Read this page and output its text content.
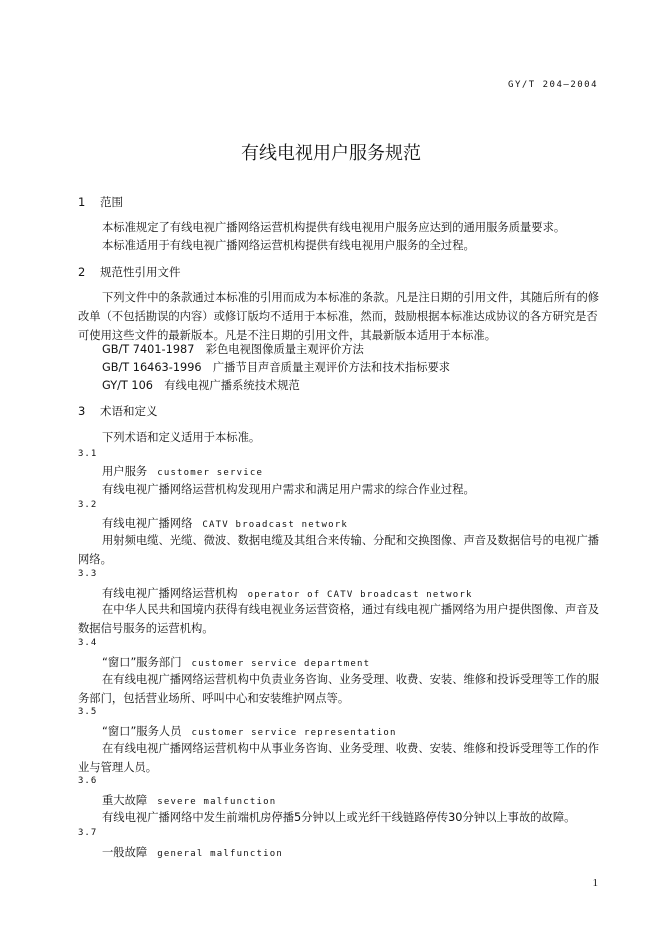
GY/T 204—2004
有线电视用户服务规范
1 范围
本标准规定了有线电视广播网络运营机构提供有线电视用户服务应达到的通用服务质量要求。
本标准适用于有线电视广播网络运营机构提供有线电视用户服务的全过程。
2 规范性引用文件
下列文件中的条款通过本标准的引用而成为本标准的条款。凡是注日期的引用文件，其随后所有的修改单（不包括勘误的内容）或修订版均不适用于本标准，然而，鼓励根据本标准达成协议的各方研究是否可使用这些文件的最新版本。凡是不注日期的引用文件，其最新版本适用于本标准。
GB/T 7401-1987　彩色电视图像质量主观评价方法
GB/T 16463-1996　广播节目声音质量主观评价方法和技术指标要求
GY/T 106　有线电视广播系统技术规范
3 术语和定义
下列术语和定义适用于本标准。
3.1
用户服务 customer service
有线电视广播网络运营机构发现用户需求和满足用户需求的综合作业过程。
3.2
有线电视广播网络 CATV broadcast network
用射频电缆、光缆、微波、数据电缆及其组合来传输、分配和交换图像、声音及数据信号的电视广播网络。
3.3
有线电视广播网络运营机构 operator of CATV broadcast network
在中华人民共和国境内获得有线电视业务运营资格，通过有线电视广播网络为用户提供图像、声音及数据信号服务的运营机构。
3.4
“窗口”服务部门 customer service department
在有线电视广播网络运营机构中负责业务咨询、业务受理、收费、安装、维修和投诉受理等工作的服务部门，包括营业场所、呼叫中心和安装维护网点等。
3.5
“窗口”服务人员 customer service representation
在有线电视广播网络运营机构中从事业务咨询、业务受理、收费、安装、维修和投诉受理等工作的作业与管理人员。
3.6
重大故障 severe malfunction
有线电视广播网络中发生前端机房停播5分钟以上或光纤干线链路停传30分钟以上事故的故障。
3.7
一般故障 general malfunction
1
